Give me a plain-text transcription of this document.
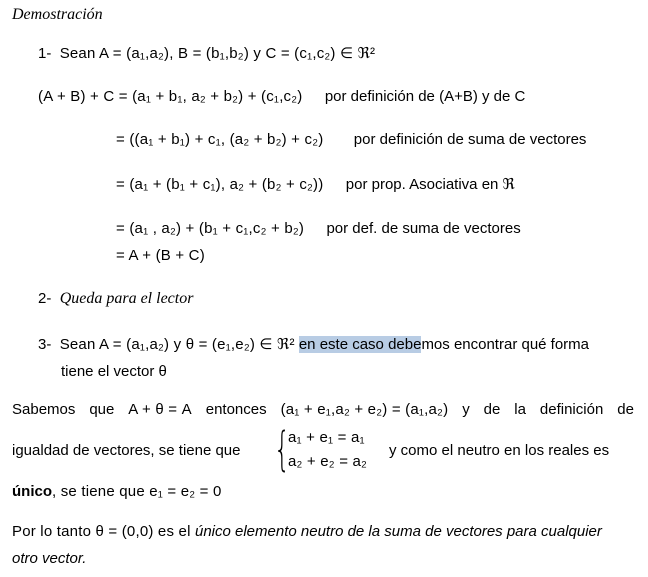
Demostración
1- Sean A = (a₁,a₂), B = (b₁,b₂) y C = (c₁,c₂) ∈ ℜ²
(A + B) + C = (a₁ + b₁, a₂ + b₂) + (c₁,c₂) por definición de (A+B) y de C
= ((a₁ + b₁) + c₁, (a₂ + b₂) + c₂) por definición de suma de vectores
= (a₁ + (b₁ + c₁), a₂ + (b₂ + c₂)) por prop. Asociativa en ℜ
= (a₁ , a₂) + (b₁ + c₁,c₂ + b₂) por def. de suma de vectores
= A + (B + C)
2- Queda para el lector
3- Sean A = (a₁,a₂) y θ = (e₁,e₂) ∈ ℜ² en este caso debemos encontrar qué forma
tiene el vector θ
Sabemos que A + θ = A entonces (a₁ + e₁,a₂ + e₂) = (a₁,a₂) y de la definición de
igualdad de vectores, se tiene que {
a₁ + e₁ = a₁
a₂ + e₂ = a₂
y como el neutro en los reales es
único, se tiene que e₁ = e₂ = 0
Por lo tanto θ = (0,0) es el único elemento neutro de la suma de vectores para cualquier
otro vector.
